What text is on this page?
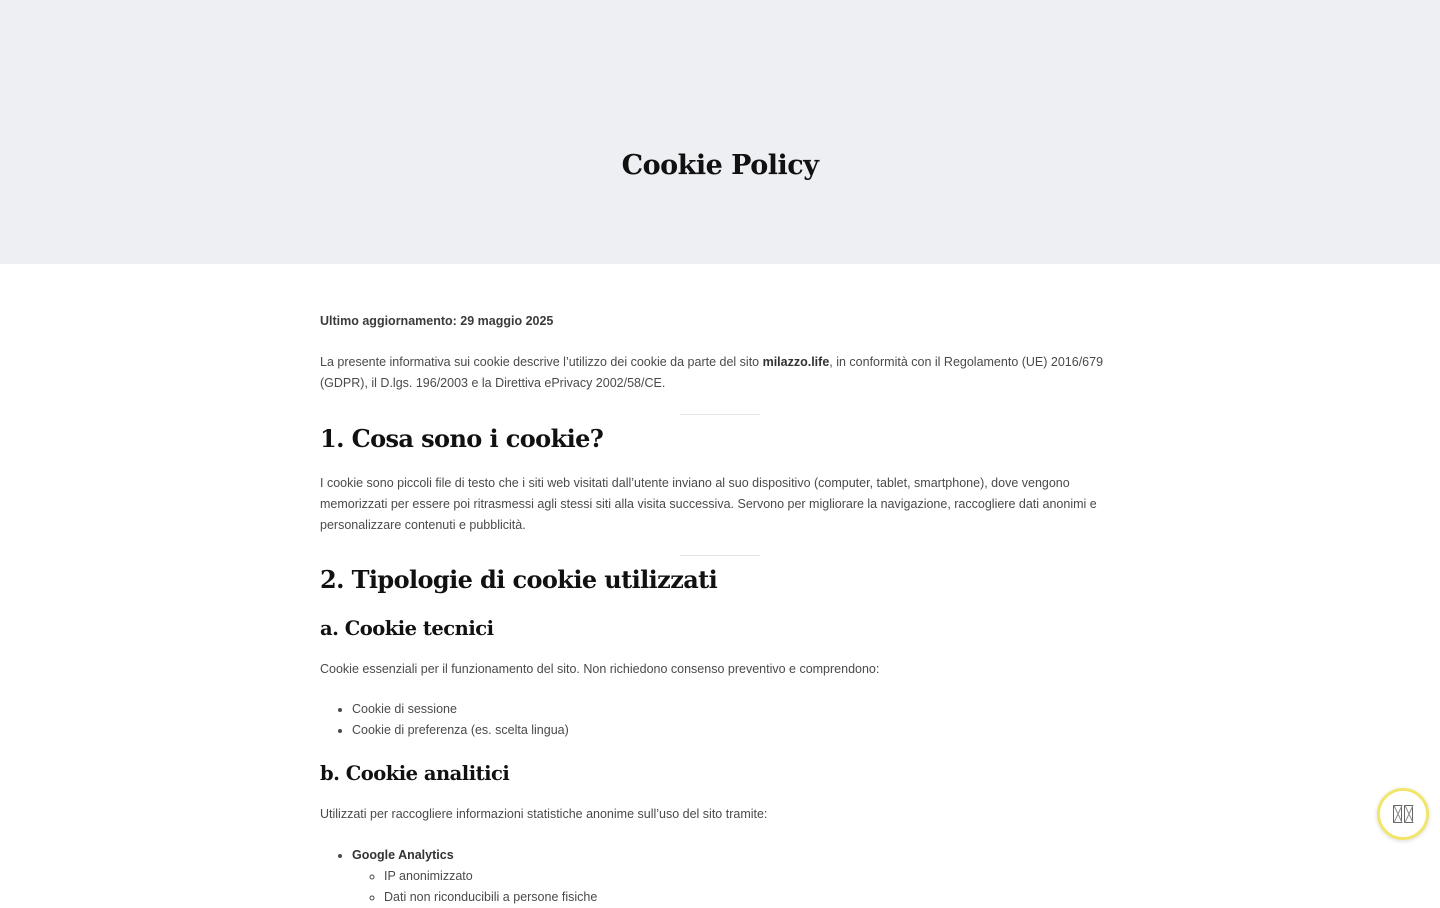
Cookie Policy

Ultimo aggiornamento: 29 maggio 2025

La presente informativa sui cookie descrive l’utilizzo dei cookie da parte del sito milazzo.life, in conformità con il Regolamento (UE) 2016/679 (GDPR), il D.lgs. 196/2003 e la Direttiva ePrivacy 2002/58/CE.

1. Cosa sono i cookie?

I cookie sono piccoli file di testo che i siti web visitati dall’utente inviano al suo dispositivo (computer, tablet, smartphone), dove vengono memorizzati per essere poi ritrasmessi agli stessi siti alla visita successiva. Servono per migliorare la navigazione, raccogliere dati anonimi e personalizzare contenuti e pubblicità.

2. Tipologie di cookie utilizzati
a. Cookie tecnici

Cookie essenziali per il funzionamento del sito. Non richiedono consenso preventivo e comprendono:

• Cookie di sessione
• Cookie di preferenza (es. scelta lingua)
b. Cookie analitici

Utilizzati per raccogliere informazioni statistiche anonime sull’uso del sito tramite:

• Google Analytics
◦ IP anonimizzato
◦ Dati non riconducibili a persone fisiche
